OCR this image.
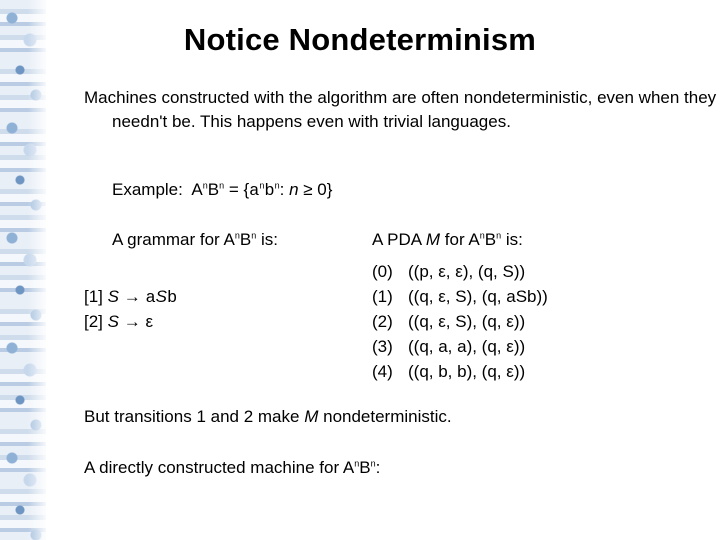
Notice Nondeterminism
Machines constructed with the algorithm are often nondeterministic, even when they needn't be. This happens even with trivial languages.
Example:  $A^nB^n = \{a^nb^n$: n ≥ 0}
A grammar for $A^nB^n$ is:	A PDA M for $A^nB^n$ is:
[1] S → aSb
[2] S → ε
(0) ((p, ε, ε), (q, S))
(1) ((q, ε, S), (q, aSb))
(2) ((q, ε, S), (q, ε))
(3) ((q, a, a), (q, ε))
(4) ((q, b, b), (q, ε))
But transitions 1 and 2 make M nondeterministic.
A directly constructed machine for $A^nB^n$:
